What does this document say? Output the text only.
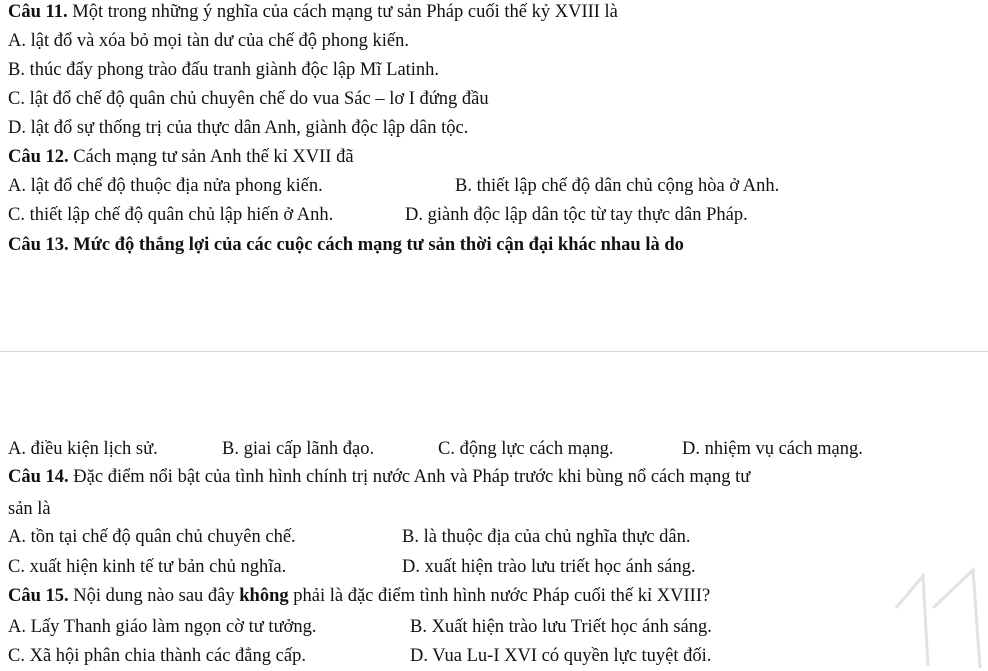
Câu 11. Một trong những ý nghĩa của cách mạng tư sản Pháp cuối thế kỷ XVIII là
A. lật đổ và xóa bỏ mọi tàn dư của chế độ phong kiến.
B. thúc đẩy phong trào đấu tranh giành độc lập Mĩ Latinh.
C. lật đổ chế độ quân chủ chuyên chế do vua Sác – lơ I đứng đầu
D. lật đổ sự thống trị của thực dân Anh, giành độc lập dân tộc.
Câu 12. Cách mạng tư sản Anh thế kỉ XVII đã
A. lật đổ chế độ thuộc địa nửa phong kiến.	B. thiết lập chế độ dân chủ cộng hòa ở Anh.
C. thiết lập chế độ quân chủ lập hiến ở Anh.	D. giành độc lập dân tộc từ tay thực dân Pháp.
Câu 13. Mức độ thắng lợi của các cuộc cách mạng tư sản thời cận đại khác nhau là do
A. điều kiện lịch sử.	B. giai cấp lãnh đạo.	C. động lực cách mạng.	D. nhiệm vụ cách mạng.
Câu 14. Đặc điểm nổi bật của tình hình chính trị nước Anh và Pháp trước khi bùng nổ cách mạng tư
sản là
A. tồn tại chế độ quân chủ chuyên chế.	B. là thuộc địa của chủ nghĩa thực dân.
C. xuất hiện kinh tế tư bản chủ nghĩa.	D. xuất hiện trào lưu triết học ánh sáng.
Câu 15. Nội dung nào sau đây không phải là đặc điểm tình hình nước Pháp cuối thế kỉ XVIII?
A. Lấy Thanh giáo làm ngọn cờ tư tưởng.	B. Xuất hiện trào lưu Triết học ánh sáng.
C. Xã hội phân chia thành các đẳng cấp.	D. Vua Lu-I XVI có quyền lực tuyệt đối.
